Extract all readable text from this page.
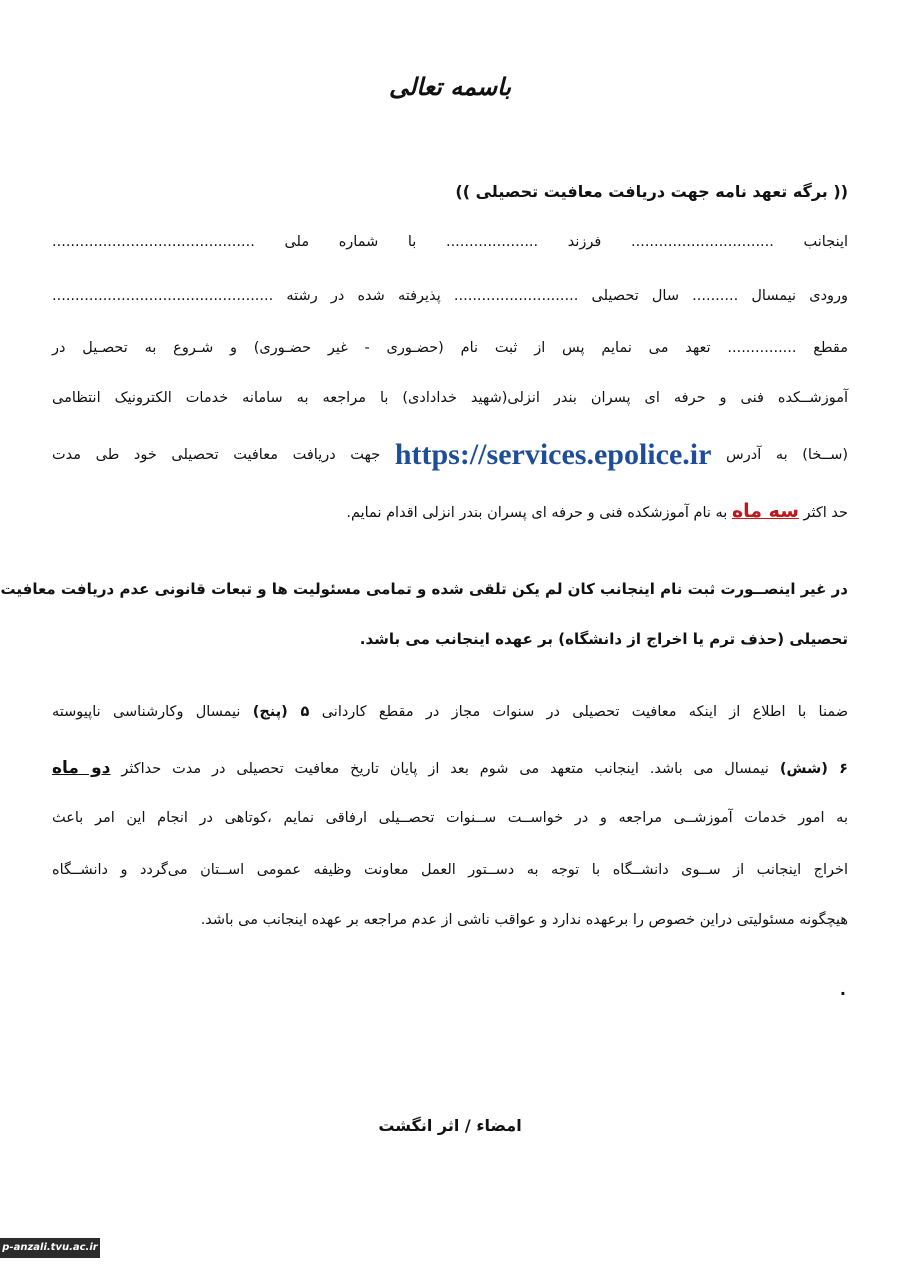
باسمه تعالی
(( برگه تعهد نامه جهت دریافت معافیت تحصیلی ))
اینجانب ............................... فرزند .................... با شماره ملی ............................................
ورودی نیمسال .......... سال تحصیلی ........................... پذیرفته شده در رشته ................................................
مقطع ............... تعهد می نمایم پس از ثبت نام (حضـوری - غیر حضـوری) و شـروع به تحصـیل در
آموزشــکده فنی و حرفه ای پسران بندر انزلی(شهید خدادادی) با مراجعه به سامانه خدمات الکترونیک انتظامی
(ســخا) به آدرس https://services.epolice.ir جهت دریافت معافیت تحصیلی خود طی مدت
حد اکثر سه ماه به نام آموزشکده فنی و حرفه ای پسران بندر انزلی اقدام نمایم.
در غیر اینصــورت ثبت نام اینجانب کان لم یکن تلقی شده و تمامی مسئولیت ها و تبعات قانونی عدم دریافت معافیت
تحصیلی (حذف ترم یا اخراج از دانشگاه) بر عهده اینجانب می باشد.
ضمنا با اطلاع از اینکه معافیت تحصیلی در سنوات مجاز در مقطع کاردانی ۵ (پنج) نیمسال وکارشناسی ناپیوسته
۶ (شش) نیمسال می باشد. اینجانب متعهد می شوم بعد از پایان تاریخ معافیت تحصیلی در مدت حداکثر دو ماه
به امور خدمات آموزشــی مراجعه و در خواســت ســنوات تحصــیلی ارفاقی نمایم ،کوتاهی در انجام این امر باعث
اخراج اینجانب از ســوی دانشــگاه با توجه به دســتور العمل معاونت وظیفه عمومی اســتان می‌گردد و دانشــگاه
هیچگونه مسئولیتی دراین خصوص را برعهده ندارد و عواقب ناشی از عدم مراجعه بر عهده اینجانب می باشد.
.
امضاء / اثر انگشت
p-anzali.tvu.ac.ir
